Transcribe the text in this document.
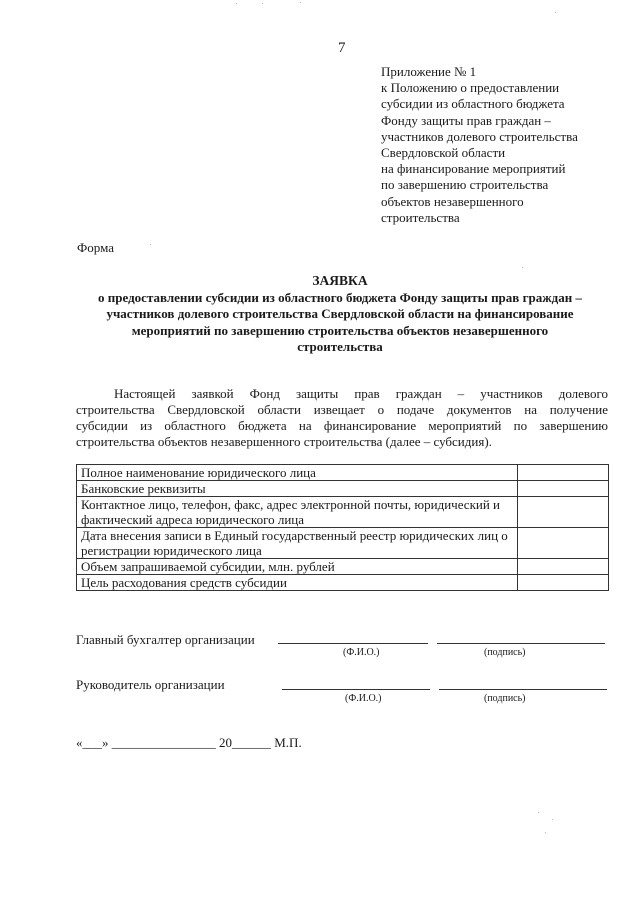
7
Приложение № 1
к Положению о предоставлении
субсидии из областного бюджета
Фонду защиты прав граждан –
участников долевого строительства
Свердловской области
на финансирование мероприятий
по завершению строительства
объектов незавершенного
строительства
Форма
ЗАЯВКА
о предоставлении субсидии из областного бюджета Фонду защиты прав граждан –
участников долевого строительства Свердловской области на финансирование
мероприятий по завершению строительства объектов незавершенного
строительства
Настоящей заявкой Фонд защиты прав граждан – участников долевого
строительства Свердловской области извещает о подаче документов на получение
субсидии из областного бюджета на финансирование мероприятий по завершению
строительства объектов незавершенного строительства (далее – субсидия).
Полное наименование юридического лица	
Банковские реквизиты	
Контактное лицо, телефон, факс, адрес электронной почты, юридический и фактический адреса юридического лица	
Дата внесения записи в Единый государственный реестр юридических лиц о регистрации юридического лица	
Объем запрашиваемой субсидии, млн. рублей	
Цель расходования средств субсидии	
Главный бухгалтер организации
(Ф.И.О.)	(подпись)
Руководитель организации
(Ф.И.О.)	(подпись)
«___» ________________ 20______ М.П.
